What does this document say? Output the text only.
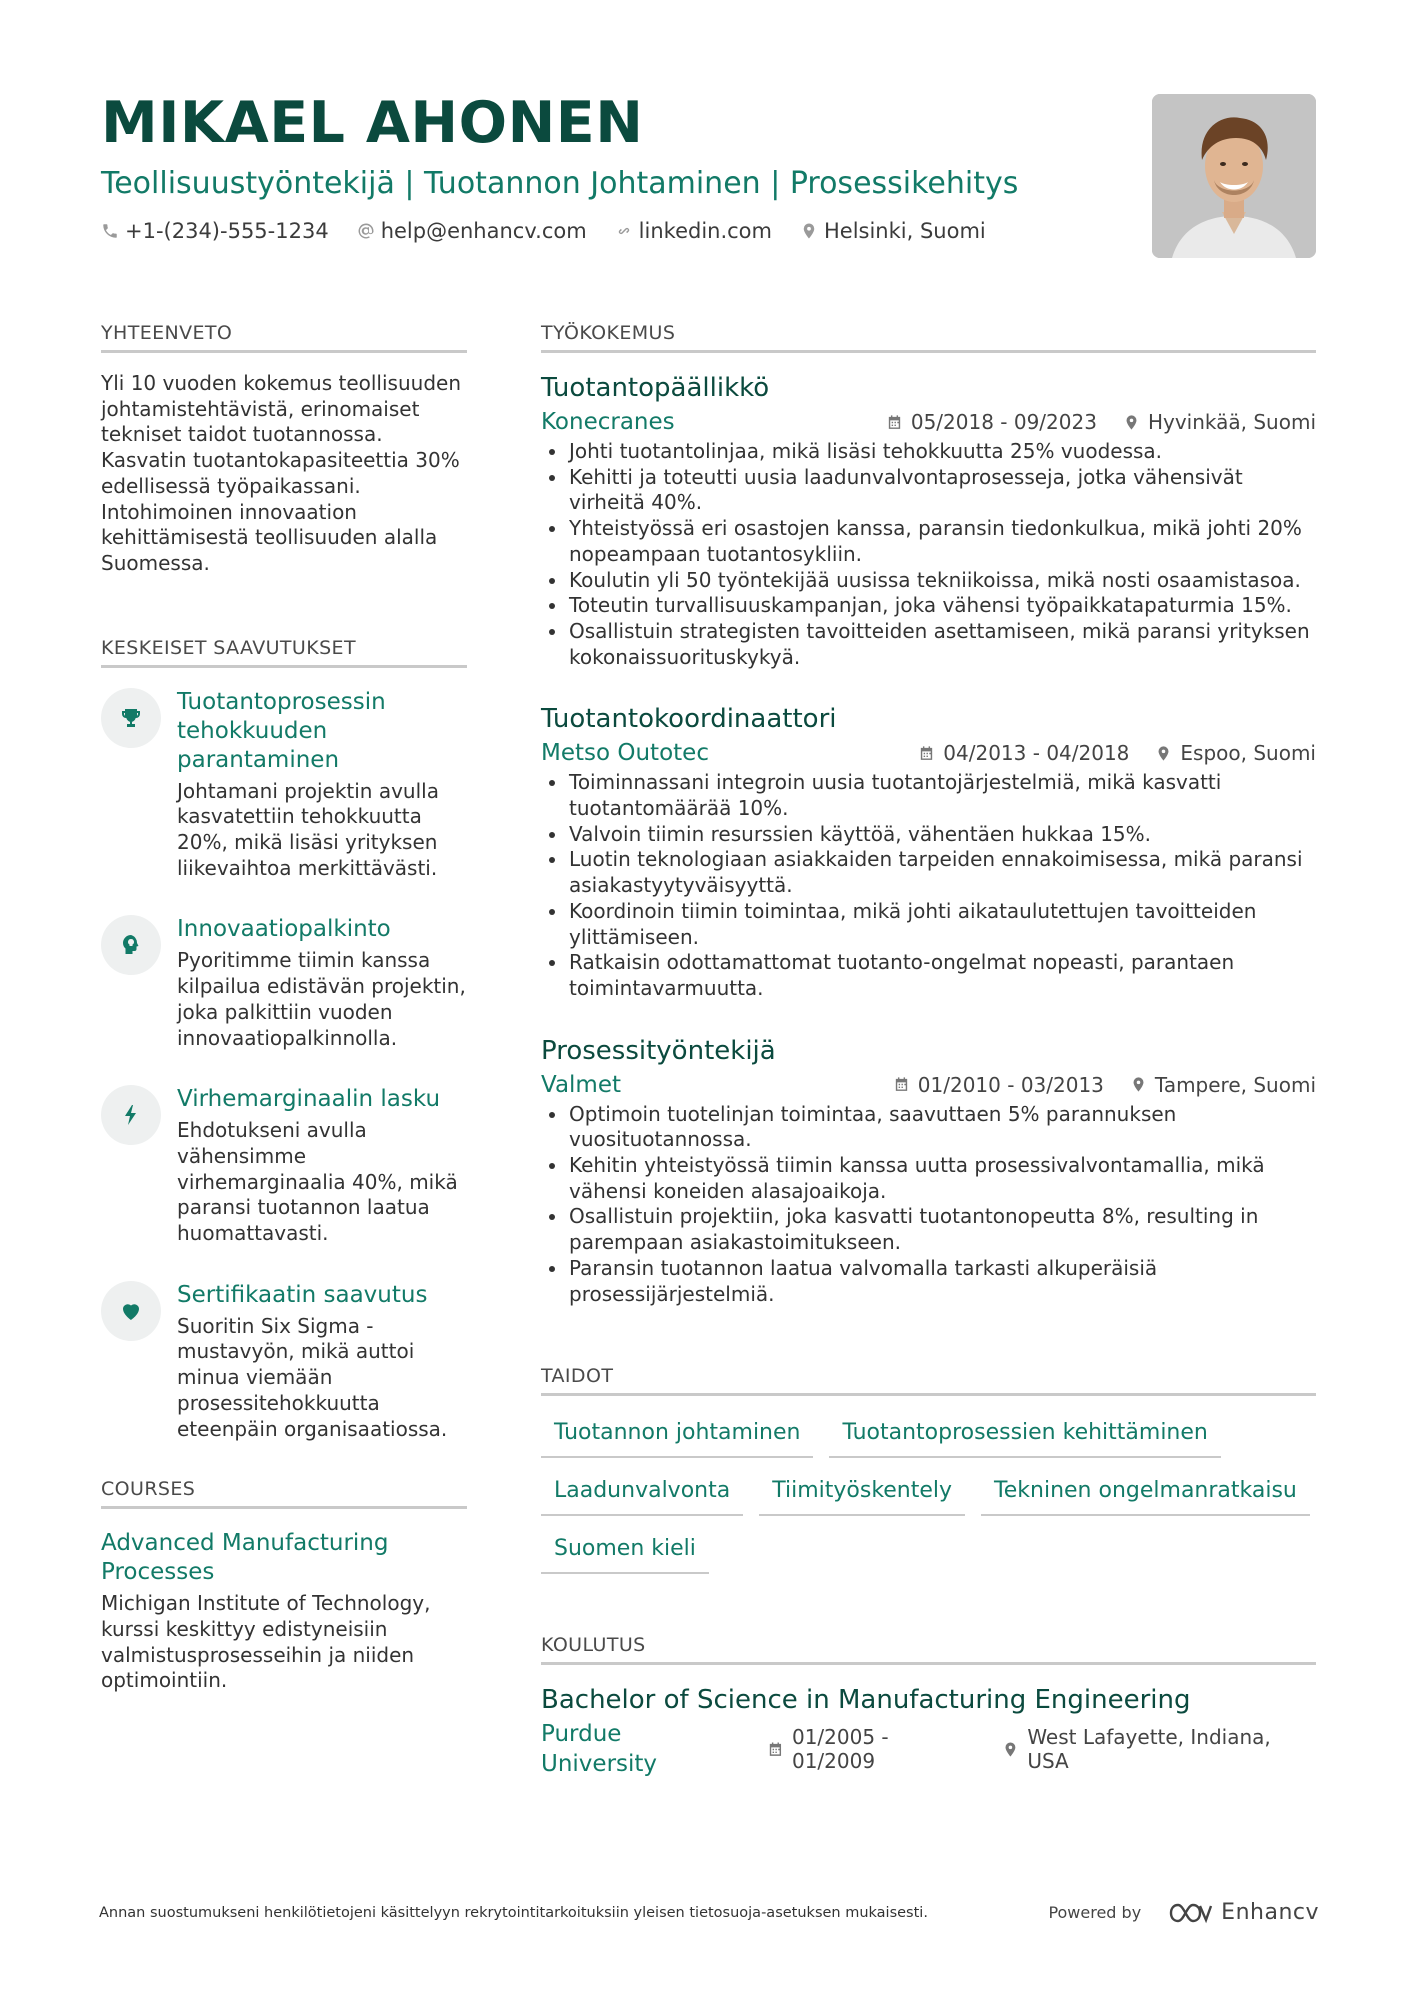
MIKAEL AHONEN
Teollisuustyöntekijä | Tuotannon Johtaminen | Prosessikehitys
+1-(234)-555-1234 help@enhancv.com linkedin.com Helsinki, Suomi
YHTEENVETO

Yli 10 vuoden kokemus teollisuuden johtamistehtävistä, erinomaiset tekniset taidot tuotannossa. Kasvatin tuotantokapasiteettia 30% edellisessä työpaikassani. Intohimoinen innovaation kehittämisestä teollisuuden alalla Suomessa.

KESKEISET SAAVUTUKSET
Tuotantoprosessin tehokkuuden parantaminen
Johtamani projektin avulla kasvatettiin tehokkuutta 20%, mikä lisäsi yrityksen liikevaihtoa merkittävästi.
Innovaatiopalkinto
Pyoritimme tiimin kanssa kilpailua edistävän projektin, joka palkittiin vuoden innovaatiopalkinnolla.
Virhemarginaalin lasku
Ehdotukseni avulla vähensimme virhemarginaalia 40%, mikä paransi tuotannon laatua huomattavasti.
Sertifikaatin saavutus
Suoritin Six Sigma -mustavyön, mikä auttoi minua viemään prosessitehokkuutta eteenpäin organisaatiossa.
COURSES
Advanced Manufacturing Processes
Michigan Institute of Technology, kurssi keskittyy edistyneisiin valmistusprosesseihin ja niiden optimointiin.
TYÖKOKEMUS
Tuotantopäällikkö
Konecranes	05/2018 - 09/2023	Hyvinkää, Suomi
Johti tuotantolinjaa, mikä lisäsi tehokkuutta 25% vuodessa.
Kehitti ja toteutti uusia laadunvalvontaprosesseja, jotka vähensivät virheitä 40%.
Yhteistyössä eri osastojen kanssa, paransin tiedonkulkua, mikä johti 20% nopeampaan tuotantosykliin.
Koulutin yli 50 työntekijää uusissa tekniikoissa, mikä nosti osaamistasoa.
Toteutin turvallisuuskampanjan, joka vähensi työpaikkatapaturmia 15%.
Osallistuin strategisten tavoitteiden asettamiseen, mikä paransi yrityksen kokonaissuorituskykyä.
Tuotantokoordinaattori
Metso Outotec	04/2013 - 04/2018	Espoo, Suomi
Toiminnassani integroin uusia tuotantojärjestelmiä, mikä kasvatti tuotantomäärää 10%.
Valvoin tiimin resurssien käyttöä, vähentäen hukkaa 15%.
Luotin teknologiaan asiakkaiden tarpeiden ennakoimisessa, mikä paransi asiakastyytyväisyyttä.
Koordinoin tiimin toimintaa, mikä johti aikataulutettujen tavoitteiden ylittämiseen.
Ratkaisin odottamattomat tuotanto-ongelmat nopeasti, parantaen toimintavarmuutta.
Prosessityöntekijä
Valmet	01/2010 - 03/2013	Tampere, Suomi
Optimoin tuotelinjan toimintaa, saavuttaen 5% parannuksen vuosituotannossa.
Kehitin yhteistyössä tiimin kanssa uutta prosessivalvontamallia, mikä vähensi koneiden alasajoaikoja.
Osallistuin projektiin, joka kasvatti tuotantonopeutta 8%, resulting in parempaan asiakastoimitukseen.
Paransin tuotannon laatua valvomalla tarkasti alkuperäisiä prosessijärjestelmiä.
TAIDOT
Tuotannon johtaminen	Tuotantoprosessien kehittäminen
Laadunvalvonta	Tiimityöskentely	Tekninen ongelmanratkaisu
Suomen kieli
KOULUTUS
Bachelor of Science in Manufacturing Engineering
Purdue University
01/2005 - 01/2009
West Lafayette, Indiana, USA
Annan suostumukseni henkilötietojeni käsittelyyn rekrytointitarkoituksiin yleisen tietosuoja-asetuksen mukaisesti.	Powered by	Enhancv
